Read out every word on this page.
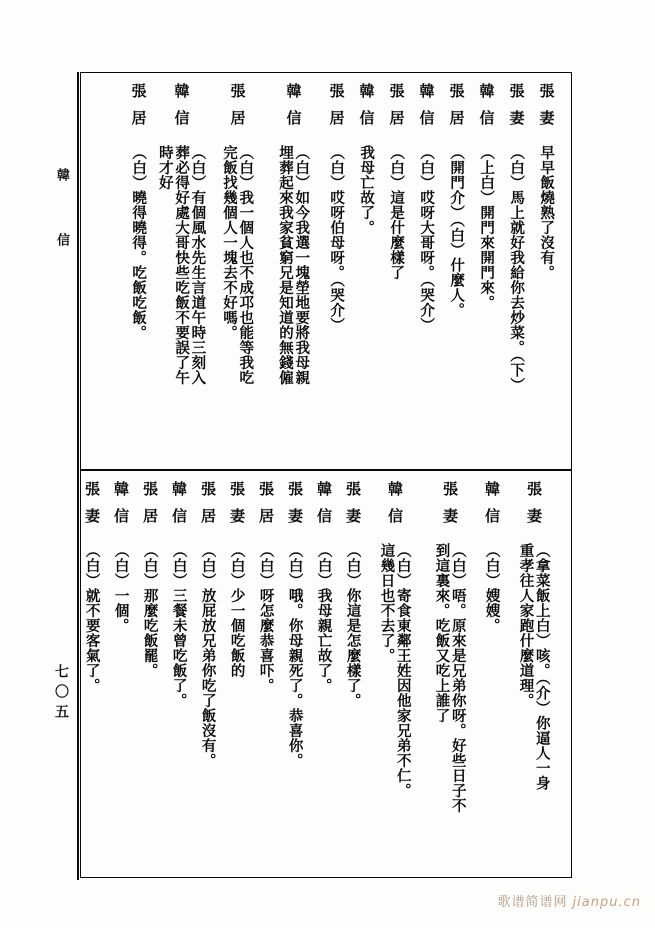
韓信
七〇五
張妻
早早飯燒熟了沒有。
張妻
（白）馬上就好我給你去炒菜。（下）
韓信
（上白）開門來開門來。
張居
（開門介）（白）什麼人。
韓信
（白）哎呀大哥呀。（哭介）
張居
（白）這是什麼樣了
韓信
我母亡故了。
張居
（白）哎呀伯母呀。（哭介）
韓信
（白）如今我選一塊塋地要將我母親
埋葬起來我家貧窮兄是知道的無錢僱
張居
（白）我一個人也不成邛也能等我吃
完飯找幾個人一塊去不好嗎。
韓信
（白）有個風水先生言道午時三刻入
葬必得好處大哥快些吃飯不要誤了午
時才好
張居
（白）曉得曉得。吃飯吃飯。
張妻
（拿菜飯上白）咳。（介）你逼人一身
重孝往人家跑什麼道理。
韓信
（白）嫂嫂。
張妻
（白）唔。原來是兄弟你呀。好些日子不
到這裏來。吃飯又吃上誰了
韓信
（白）寄食東鄰王姓因他家兄弟不仁。
這幾日也不去了。
張妻
（白）你這是怎麼樣了。
韓信
（白）我母親亡故了。
張妻
（白）哦。你母親死了。恭喜你。
張居
（白）呀怎麼恭喜吓。
張妻
（白）少一個吃飯的
張居
（白）放屁放兄弟你吃了飯沒有。
韓信
（白）三餐未曾吃飯了。
張居
（白）那麼吃飯罷。
韓信
（白）一個。
張妻
（白）就不要客氣了。
歌谱简谱网 jianpu.cn
